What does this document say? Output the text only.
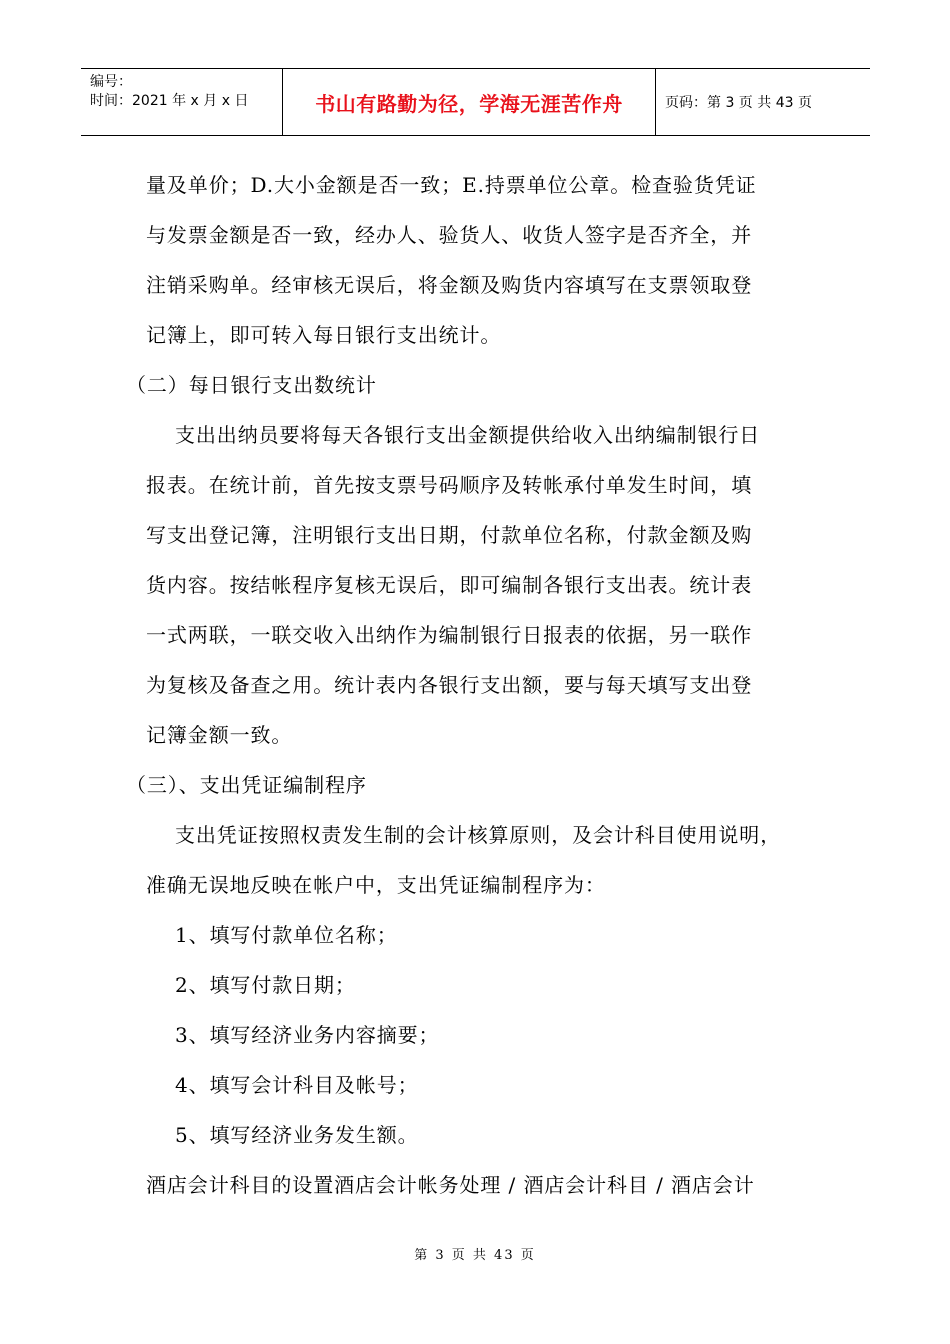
编号：
时间：2021 年 x 月 x 日	书山有路勤为径，学海无涯苦作舟	页码：第 3 页 共 43 页
量及单价；D.大小金额是否一致；E.持票单位公章。检查验货凭证
与发票金额是否一致，经办人、验货人、收货人签字是否齐全，并
注销采购单。经审核无误后，将金额及购货内容填写在支票领取登
记簿上，即可转入每日银行支出统计。
（二）每日银行支出数统计
支出出纳员要将每天各银行支出金额提供给收入出纳编制银行日
报表。在统计前，首先按支票号码顺序及转帐承付单发生时间，填
写支出登记簿，注明银行支出日期，付款单位名称，付款金额及购
货内容。按结帐程序复核无误后，即可编制各银行支出表。统计表
一式两联，一联交收入出纳作为编制银行日报表的依据，另一联作
为复核及备查之用。统计表内各银行支出额，要与每天填写支出登
记簿金额一致。
（三）、支出凭证编制程序
支出凭证按照权责发生制的会计核算原则，及会计科目使用说明，
准确无误地反映在帐户中，支出凭证编制程序为：
1、填写付款单位名称；
2、填写付款日期；
3、填写经济业务内容摘要；
4、填写会计科目及帐号；
5、填写经济业务发生额。
酒店会计科目的设置酒店会计帐务处理 / 酒店会计科目 / 酒店会计
第 3 页 共 43 页
